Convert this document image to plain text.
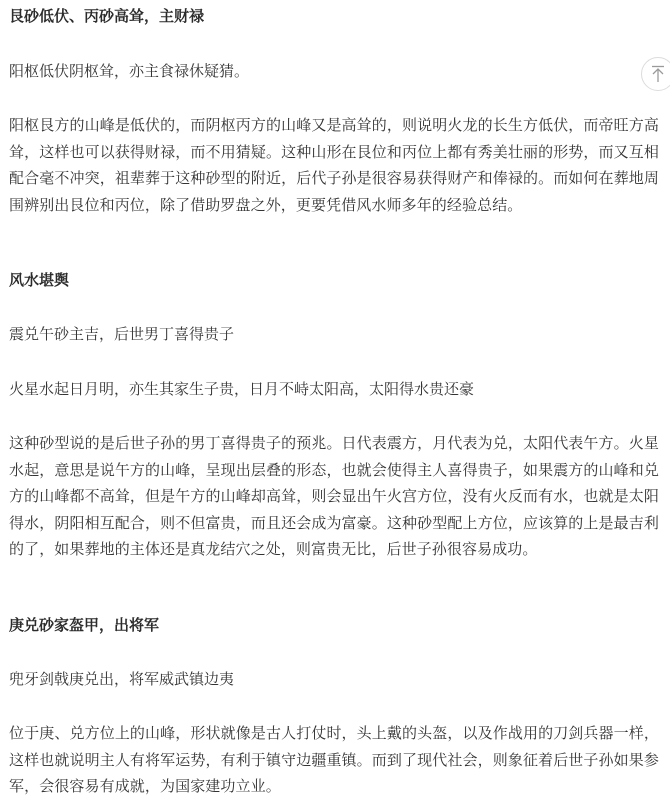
艮砂低伏、丙砂高耸，主财禄

阳枢低伏阴枢耸，亦主食禄休疑猜。

阳枢艮方的山峰是低伏的，而阴枢丙方的山峰又是高耸的，则说明火龙的长生方低伏，而帝旺方高耸，这样也可以获得财禄，而不用猜疑。这种山形在艮位和丙位上都有秀美壮丽的形势，而又互相配合毫不冲突，祖辈葬于这种砂型的附近，后代子孙是很容易获得财产和俸禄的。而如何在葬地周围辨别出艮位和丙位，除了借助罗盘之外，更要凭借风水师多年的经验总结。

风水堪舆

震兑午砂主吉，后世男丁喜得贵子

火星水起日月明，亦生其家生子贵，日月不峙太阳高，太阳得水贵还豪

这种砂型说的是后世子孙的男丁喜得贵子的预兆。日代表震方，月代表为兑，太阳代表午方。火星水起，意思是说午方的山峰，呈现出层叠的形态，也就会使得主人喜得贵子，如果震方的山峰和兑方的山峰都不高耸，但是午方的山峰却高耸，则会显出午火宫方位，没有火反而有水，也就是太阳得水，阴阳相互配合，则不但富贵，而且还会成为富豪。这种砂型配上方位，应该算的上是最吉利的了，如果葬地的主体还是真龙结穴之处，则富贵无比，后世子孙很容易成功。

庚兑砂家盔甲，出将军

兜牙剑戟庚兑出，将军威武镇边夷

位于庚、兑方位上的山峰，形状就像是古人打仗时，头上戴的头盔，以及作战用的刀剑兵器一样，这样也就说明主人有将军运势，有利于镇守边疆重镇。而到了现代社会，则象征着后世子孙如果参军，会很容易有成就，为国家建功立业。
